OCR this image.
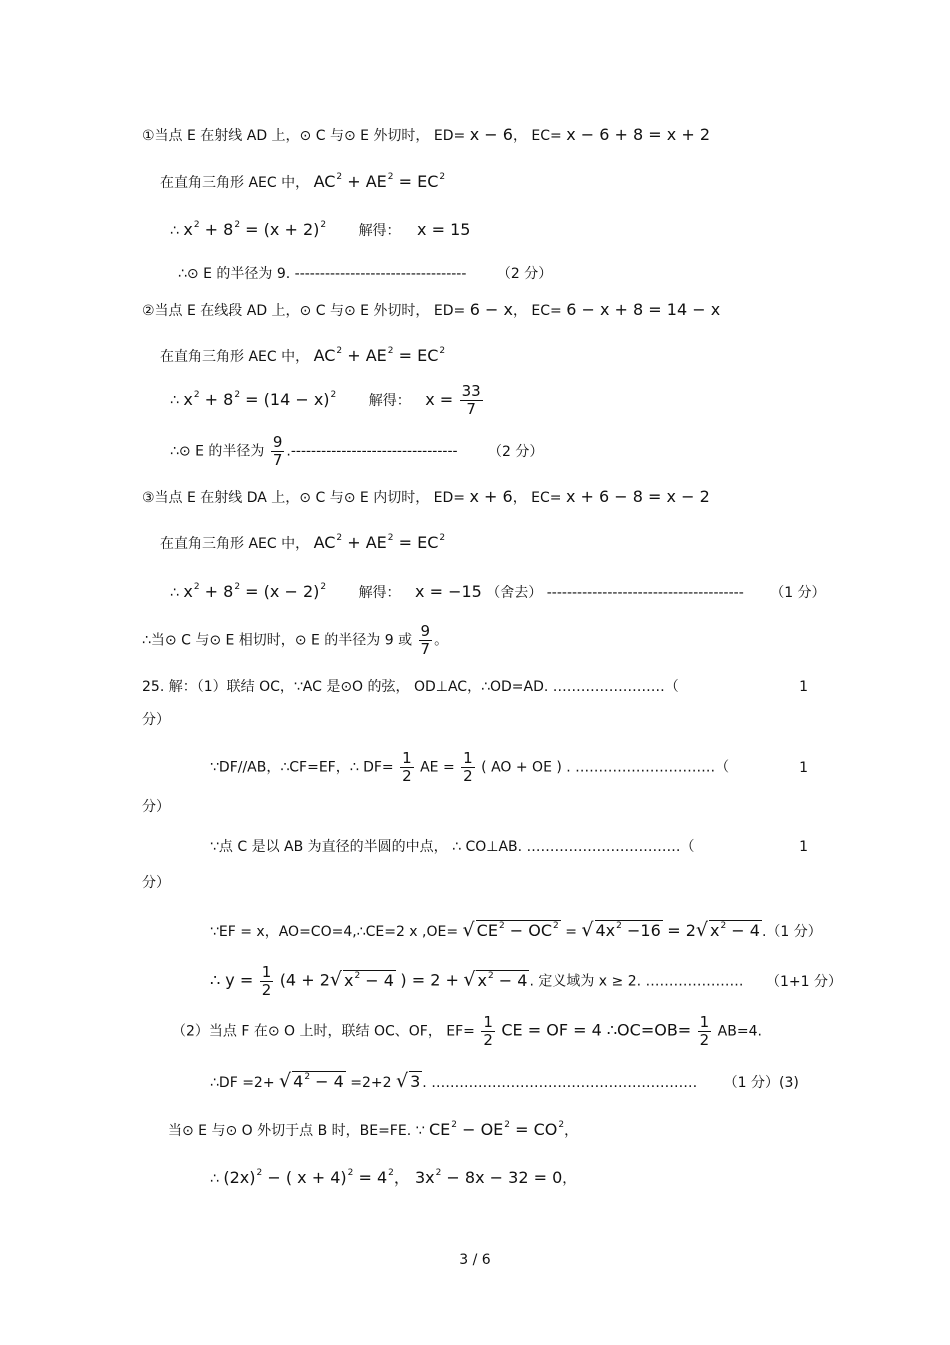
①当点 E 在射线 AD 上，⊙ C 与⊙ E 外切时， ED= x − 6， EC= x − 6 + 8 = x + 2
在直角三角形 AEC 中， $AC^2 + AE^2 = EC^2$
∴ $x^2 + 8^2 = (x + 2)^2$ 解得： x = 15
∴⊙ E 的半径为 9. ---------------------------------- （2 分）
②当点 E 在线段 AD 上，⊙ C 与⊙ E 外切时， ED= 6 − x， EC= 6 − x + 8 = 14 − x
在直角三角形 AEC 中， $AC^2 + AE^2 = EC^2$
∴ $x^2 + 8^2 = (14 - x)^2$ 解得： $x = \frac{33}{7}$
∴⊙ E 的半径为 $\frac{9}{7}$ .--------------------------------- （2 分）
③当点 E 在射线 DA 上，⊙ C 与⊙ E 内切时， ED= x + 6， EC= x + 6 − 8 = x − 2
在直角三角形 AEC 中， $AC^2 + AE^2 = EC^2$
∴ $x^2 + 8^2 = (x - 2)^2$ 解得： x = −15 （舍去） --------------------------------------- （1 分）
∴当⊙ C 与⊙ E 相切时，⊙ E 的半径为 9 或 $\frac{9}{7}$ 。
25. 解：（1）联结 OC，∵AC 是⊙O 的弦， OD⊥AC，∴OD=AD. ……………………（	1
分）
∵DF//AB，∴CF=EF，∴ $DF= \frac{1}{2}$ AE = $\frac{1}{2}$ ( AO + OE ) . …………………………（	1
分）
∵点 C 是以 AB 为直径的半圆的中点， ∴ CO⊥AB. ……………………………（	1
分）
∵EF = x，AO=CO=4,∴CE=2 x ,OE= √ $CE^2 - OC^2$ = √ $4x^2 -16 = 2√$ $x^2 - 4$ .（1 分）
∴ $y = \frac{1}{2} (4 + 2√$ $x^2 - 4$ ) = 2 + √ $x^2 - 4$ . 定义域为 x ≥ 2. ………………… （1+1 分）
（2）当点 F 在⊙ O 上时，联结 OC、OF， $EF= \frac{1}{2}$ CE = OF = 4 ∴OC=OB= $\frac{1}{2} AB=4$.
∴DF =2+ √ $4^2 - 4 =2+2$ √ 3 . ………………………………………………… （1 分）(3)
当⊙ E 与⊙ O 外切于点 B 时，BE=FE. ∵ $CE^2 - OE^2 = CO^2$，
∴ $(2x)^2$ − ( $x + 4)^2 = 4^2$， $3x^2 - 8x - 32 = 0$，
3 / 6
